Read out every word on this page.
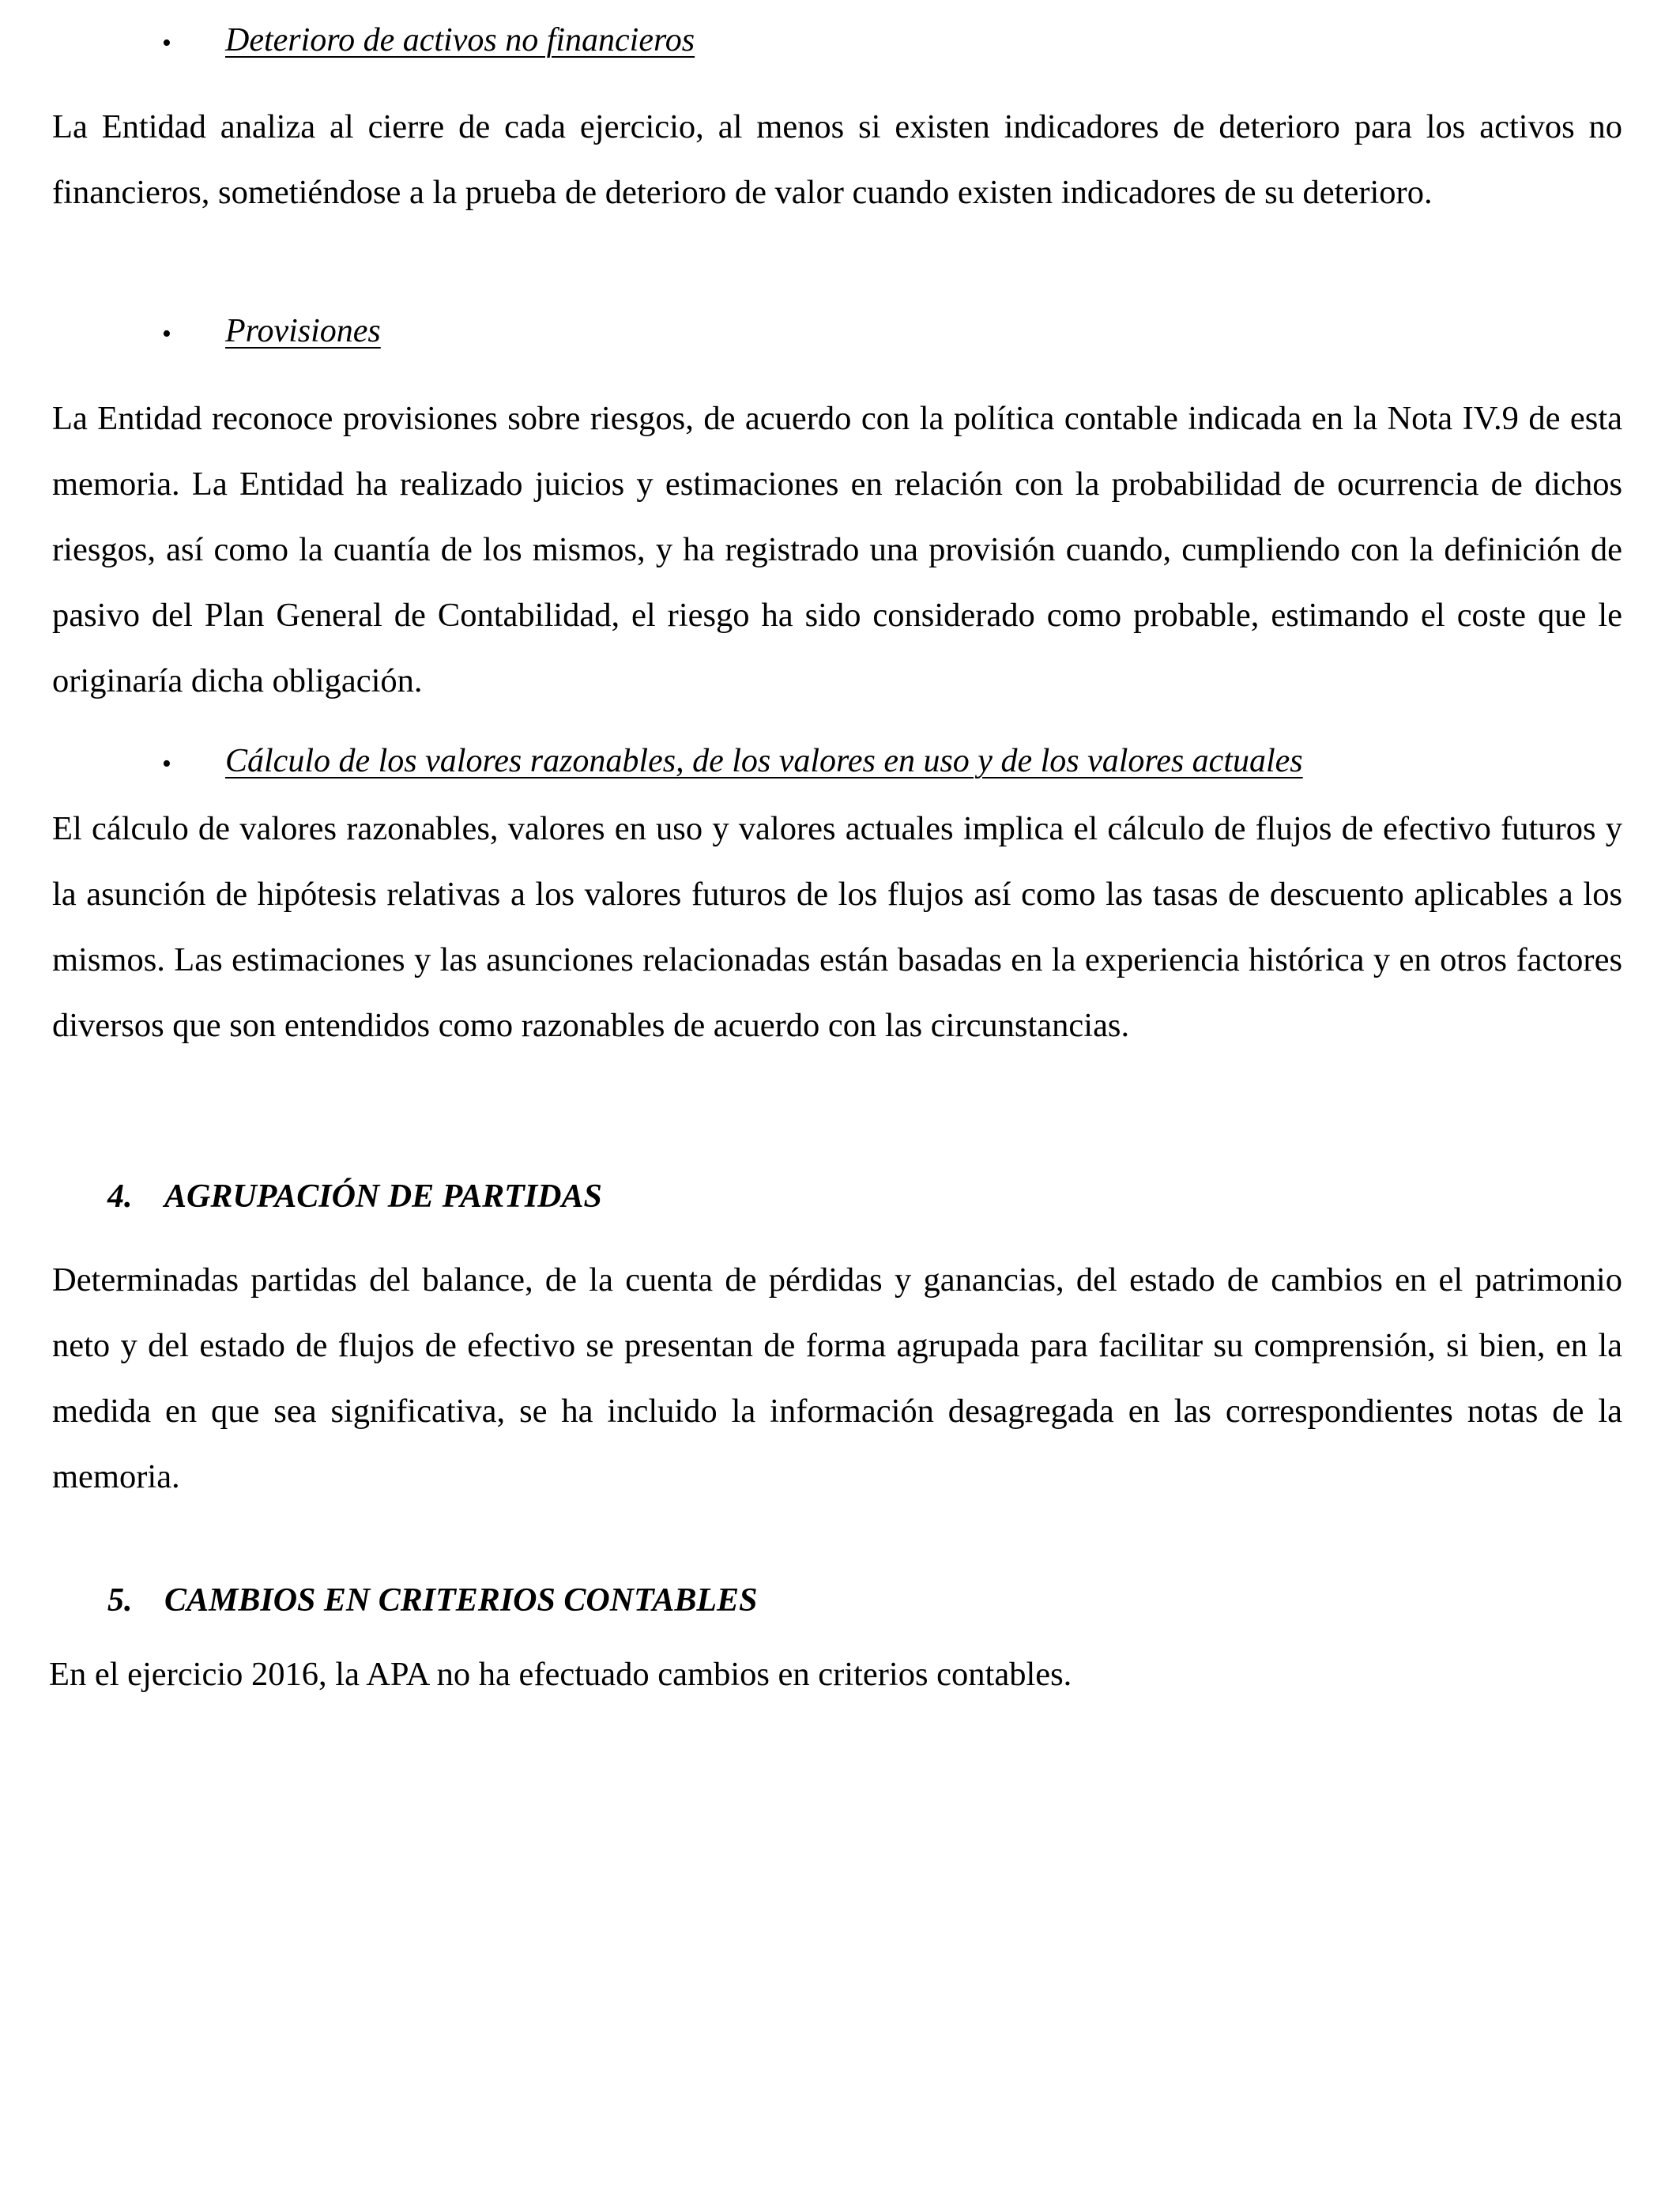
• Deterioro de activos no financieros
La Entidad analiza al cierre de cada ejercicio, al menos si existen indicadores de deterioro para los activos no financieros, sometiéndose a la prueba de deterioro de valor cuando existen indicadores de su deterioro.
• Provisiones
La Entidad reconoce provisiones sobre riesgos, de acuerdo con la política contable indicada en la Nota IV.9 de esta memoria. La Entidad ha realizado juicios y estimaciones en relación con la probabilidad de ocurrencia de dichos riesgos, así como la cuantía de los mismos, y ha registrado una provisión cuando, cumpliendo con la definición de pasivo del Plan General de Contabilidad, el riesgo ha sido considerado como probable, estimando el coste que le originaría dicha obligación.
• Cálculo de los valores razonables, de los valores en uso y de los valores actuales
El cálculo de valores razonables, valores en uso y valores actuales implica el cálculo de flujos de efectivo futuros y la asunción de hipótesis relativas a los valores futuros de los flujos así como las tasas de descuento aplicables a los mismos. Las estimaciones y las asunciones relacionadas están basadas en la experiencia histórica y en otros factores diversos que son entendidos como razonables de acuerdo con las circunstancias.
4. AGRUPACIÓN DE PARTIDAS
Determinadas partidas del balance, de la cuenta de pérdidas y ganancias, del estado de cambios en el patrimonio neto y del estado de flujos de efectivo se presentan de forma agrupada para facilitar su comprensión, si bien, en la medida en que sea significativa, se ha incluido la información desagregada en las correspondientes notas de la memoria.
5. CAMBIOS EN CRITERIOS CONTABLES
En el ejercicio 2016, la APA no ha efectuado cambios en criterios contables.
